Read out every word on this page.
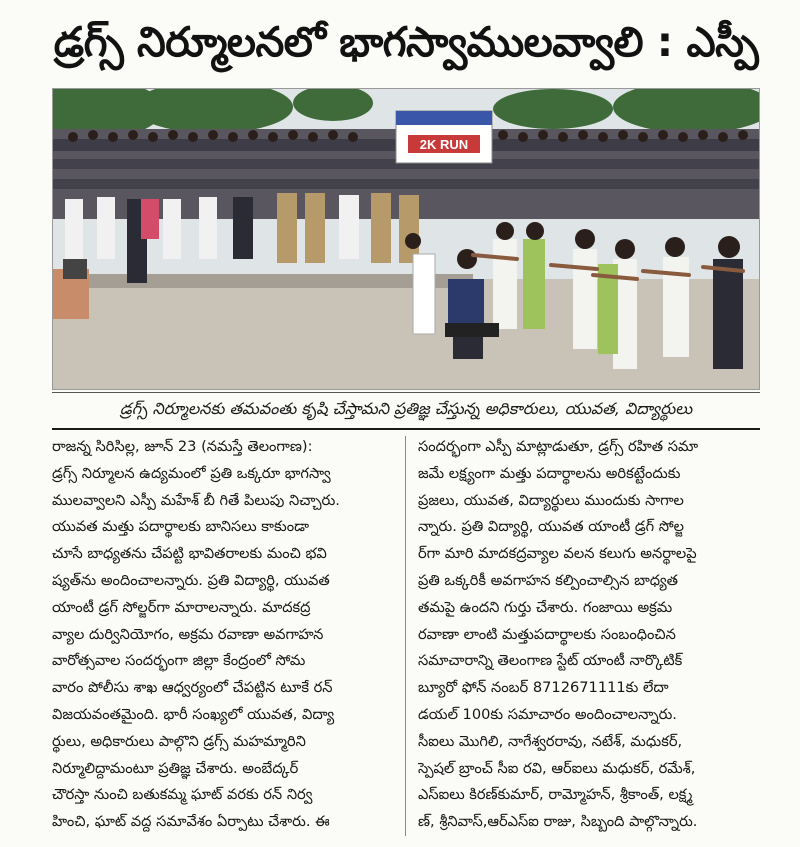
డ్రగ్స్ నిర్మూలనలో భాగస్వాములవ్వాలి : ఎస్పీ
2K RUN
డ్రగ్స్ నిర్మూలనకు తమవంతు కృషి చేస్తామని ప్రతిజ్ఞ చేస్తున్న అధికారులు, యువత, విద్యార్థులు
రాజన్న సిరిసిల్ల, జూన్ 23 (నమస్తే తెలంగాణ):
డ్రగ్స్ నిర్మూలన ఉద్యమంలో ప్రతి ఒక్కరూ భాగస్వా
ములవ్వాలని ఎస్పీ మహేశ్ బీ గితే పిలుపు నిచ్చారు.
యువత మత్తు పదార్థాలకు బానిసలు కాకుండా
చూసే బాధ్యతను చేపట్టి భావితరాలకు మంచి భవి
ష్యత్‌ను అందించాలన్నారు. ప్రతి విద్యార్థి, యువత
యాంటీ డ్రగ్ సోల్జర్‌గా మారాలన్నారు. మాదకద్ర
వ్యాల దుర్వినియోగం, అక్రమ రవాణా అవగాహన
వారోత్సవాల సందర్భంగా జిల్లా కేంద్రంలో సోమ
వారం పోలీసు శాఖ ఆధ్వర్యంలో చేపట్టిన టూకే రన్
విజయవంతమైంది. భారీ సంఖ్యలో యువత, విద్యా
ర్థులు, అధికారులు పాల్గొని డ్రగ్స్ మహమ్మారిని
నిర్మూలిద్దామంటూ ప్రతిజ్ఞ చేశారు. అంబేద్కర్
చౌరస్తా నుంచి బతుకమ్మ ఘాట్ వరకు రన్ నిర్వ
హించి, ఘాట్ వద్ద సమావేశం ఏర్పాటు చేశారు. ఈ
సందర్భంగా ఎస్పీ మాట్లాడుతూ, డ్రగ్స్ రహిత సమా
జమే లక్ష్యంగా మత్తు పదార్థాలను అరికట్టేందుకు
ప్రజలు, యువత, విద్యార్థులు ముందుకు సాగాల
న్నారు. ప్రతి విద్యార్థి, యువత యాంటీ డ్రగ్ సోల్జ
ర్‌గా మారి మాదకద్రవ్యాల వలన కలుగు అనర్థాలపై
ప్రతి ఒక్కరికీ అవగాహన కల్పించాల్సిన బాధ్యత
తమపై ఉందని గుర్తు చేశారు. గంజాయి అక్రమ
రవాణా లాంటి మత్తుపదార్థాలకు సంబంధించిన
సమాచారాన్ని తెలంగాణ స్టేట్ యాంటీ నార్కొటిక్
బ్యూరో ఫోన్ నంబర్ 8712671111కు లేదా
డయల్ 100కు సమాచారం అందించాలన్నారు.
సీఐలు మొగిలి, నాగేశ్వరరావు, నటేశ్, మధుకర్,
స్పెషల్ బ్రాంచ్ సీఐ రవి, ఆర్ఐలు మధుకర్, రమేశ్,
ఎస్ఐలు కిరణ్‌కుమార్, రామ్మోహన్, శ్రీకాంత్, లక్ష్మ
ణ్, శ్రీనివాస్,ఆర్ఎస్ఐ రాజు, సిబ్బంది పాల్గొన్నారు.
